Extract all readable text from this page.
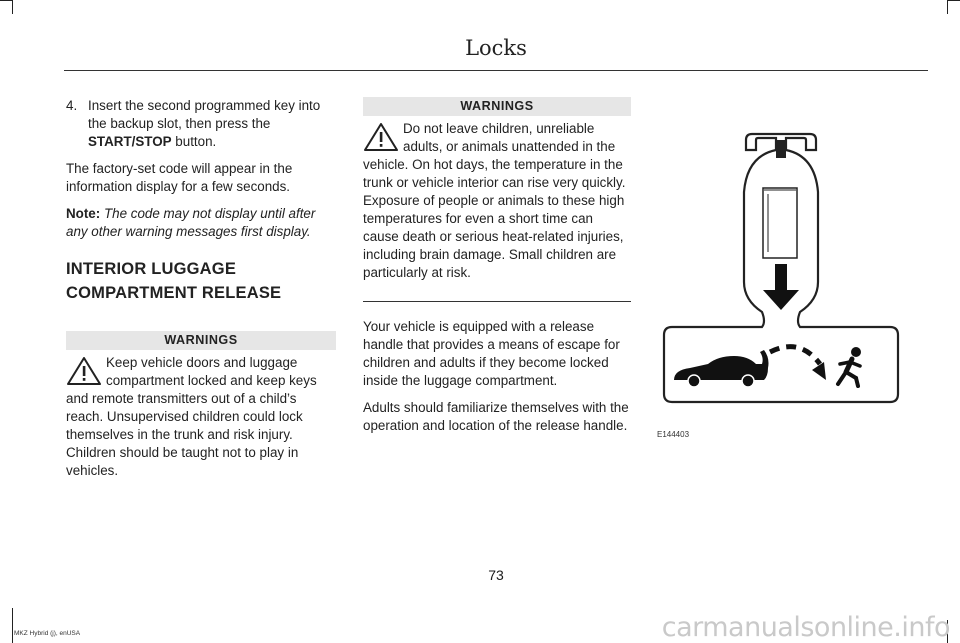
Locks
4. Insert the second programmed key into the backup slot, then press the START/STOP button.

The factory-set code will appear in the information display for a few seconds.

Note: The code may not display until after any other warning messages first display.

INTERIOR LUGGAGE
COMPARTMENT RELEASE
WARNINGS

Keep vehicle doors and luggage compartment locked and keep keys and remote transmitters out of a child’s reach. Unsupervised children could lock themselves in the trunk and risk injury. Children should be taught not to play in vehicles.

WARNINGS

Do not leave children, unreliable adults, or animals unattended in the vehicle. On hot days, the temperature in the trunk or vehicle interior can rise very quickly. Exposure of people or animals to these high temperatures for even a short time can cause death or serious heat-related injuries, including brain damage. Small children are particularly at risk.

Your vehicle is equipped with a release handle that provides a means of escape for children and adults if they become locked inside the luggage compartment.

Adults should familiarize themselves with the operation and location of the release handle.

E144403
73
MKZ Hybrid (j), enUSA	carmanualsonline.info
